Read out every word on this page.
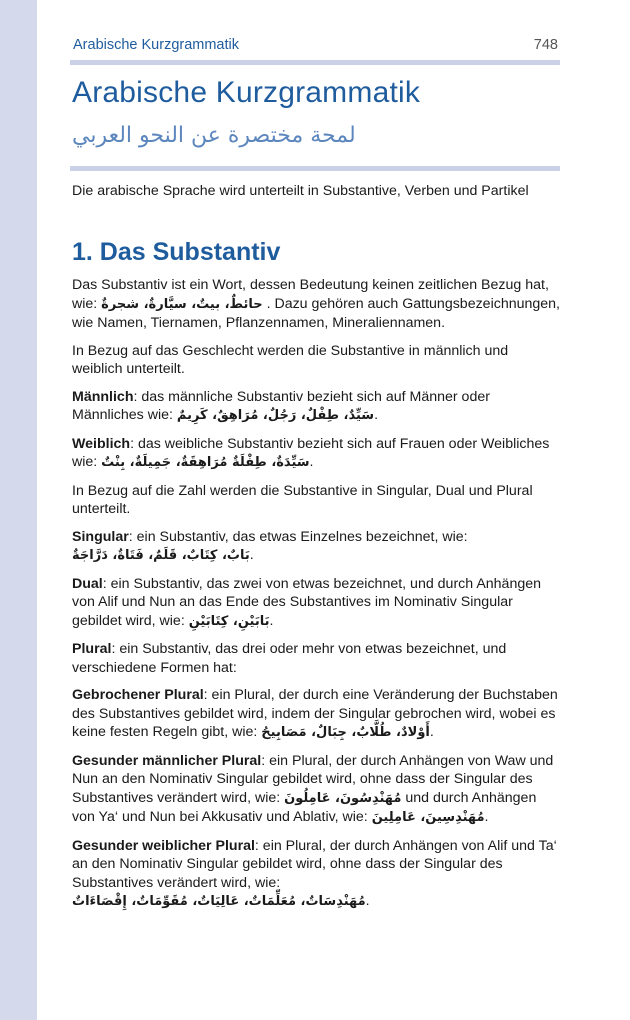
Arabische Kurzgrammatik	748
Arabische Kurzgrammatik
لمحة مختصرة عن النحو العربي
Die arabische Sprache wird unterteilt in Substantive, Verben und Partikel
1. Das Substantiv

Das Substantiv ist ein Wort, dessen Bedeutung keinen zeitlichen Bezug hat, wie: حائطٌ، بيتٌ، سيَّارةٌ، شجرةٌ . Dazu gehören auch Gattungsbezeichnungen, wie Namen, Tiernamen, Pflanzennamen, Mineraliennamen.

In Bezug auf das Geschlecht werden die Substantive in männlich und weiblich unterteilt.

Männlich: das männliche Substantiv bezieht sich auf Männer oder Männliches wie: سَيِّدٌ، طِفْلٌ، رَجُلٌ، مُرَاهِقٌ، كَرِيمٌ.

Weiblich: das weibliche Substantiv bezieht sich auf Frauen oder Weibliches wie: سَيِّدَةٌ، طِفْلَةٌ مُرَاهِقَةٌ، جَمِيلَةٌ، بِنْتٌ.

In Bezug auf die Zahl werden die Substantive in Singular, Dual und Plural unterteilt.

Singular: ein Substantiv, das etwas Einzelnes bezeichnet, wie:
بَابٌ، كِتَابٌ، قَلَمٌ، فَتَاةٌ، دَرَّاجَةٌ.

Dual: ein Substantiv, das zwei von etwas bezeichnet, und durch Anhängen von Alif und Nun an das Ende des Substantives im Nominativ Singular gebildet wird, wie: بَابَيْنِ، كِتَابَيْنِ.

Plural: ein Substantiv, das drei oder mehr von etwas bezeichnet, und verschiedene Formen hat:

Gebrochener Plural: ein Plural, der durch eine Veränderung der Buchstaben des Substantives gebildet wird, indem der Singular gebrochen wird, wobei es keine festen Regeln gibt, wie: أَوْلادٌ، طُلَّابٌ، جِبَالٌ، مَصَابِيحُ.

Gesunder männlicher Plural: ein Plural, der durch Anhängen von Waw und Nun an den Nominativ Singular gebildet wird, ohne dass der Singular des Substantives verändert wird, wie: مُهَنْدِسُونَ، عَامِلُونَ und durch Anhängen von Ya‘ und Nun bei Akkusativ und Ablativ, wie: مُهَنْدِسِينَ، عَامِلِينَ.

Gesunder weiblicher Plural: ein Plural, der durch Anhängen von Alif und Ta‘ an den Nominativ Singular gebildet wird, ohne dass der Singular des Substantives verändert wird, wie:
مُهَنْدِسَاتٌ، مُعَلِّمَاتٌ، عَالِيَاتٌ، مُقَوِّمَاتٌ، إِقْصَاءَاتٌ.
